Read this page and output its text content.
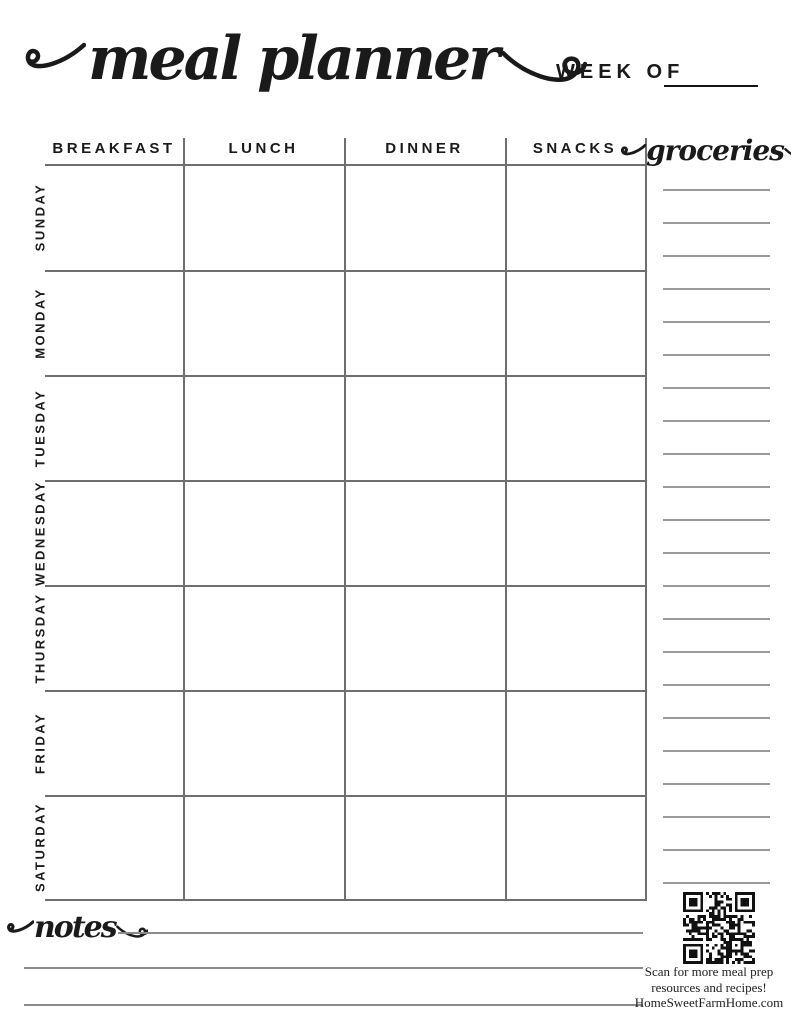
meal planner	WEEK OF
BREAKFAST	LUNCH	DINNER	SNACKS
SUNDAY
MONDAY
TUESDAY
WEDNESDAY
THURSDAY
FRIDAY
SATURDAY
groceries
notes
Scan for more meal prep
resources and recipes!
HomeSweetFarmHome.com
